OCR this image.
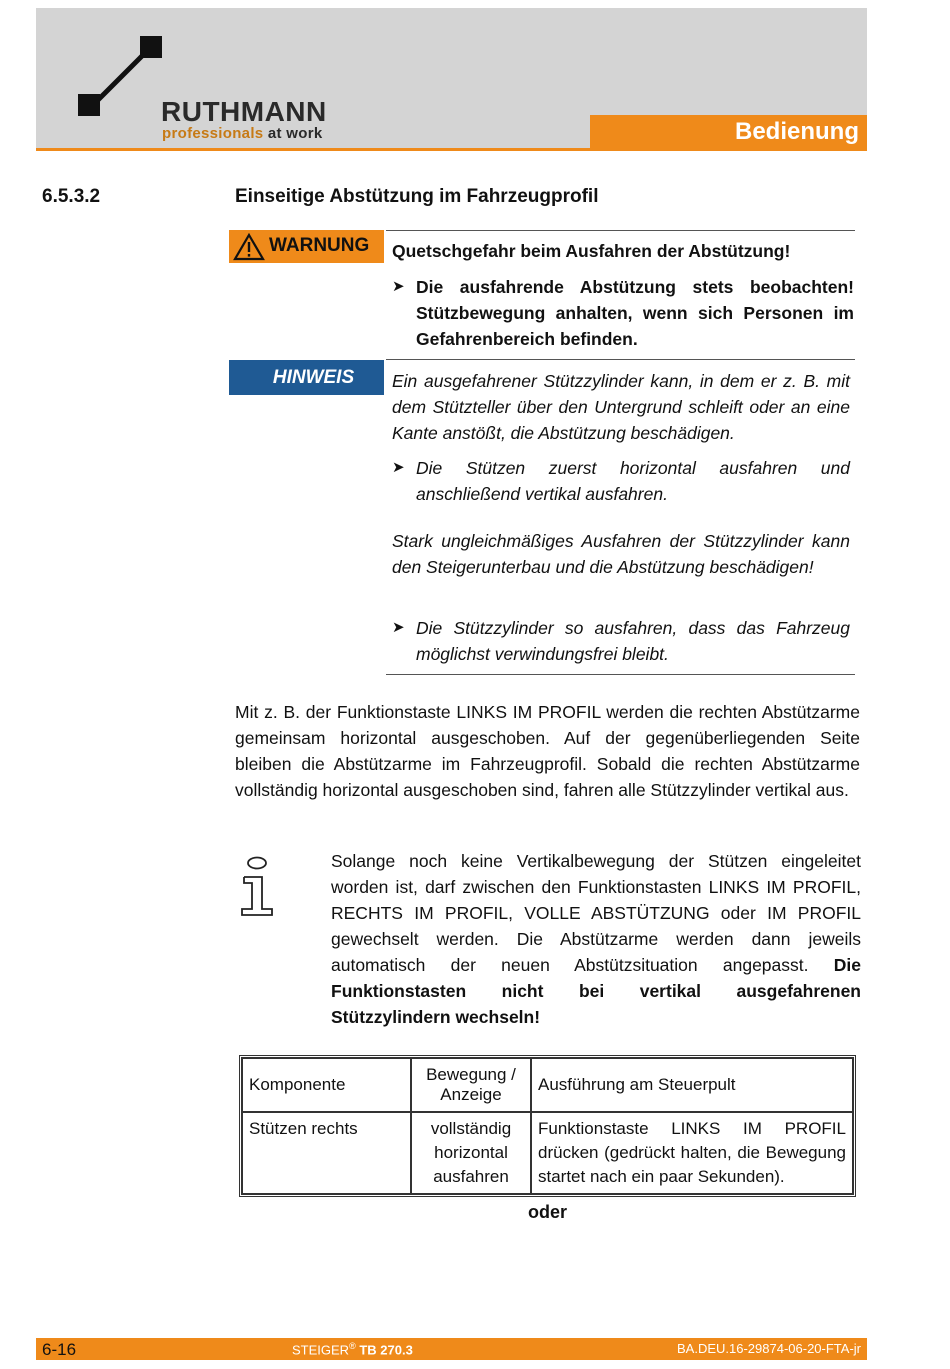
RUTHMANN
professionals at work	Bedienung
6.5.3.2	Einseitige Abstützung im Fahrzeugprofil
WARNUNG Quetschgefahr beim Ausfahren der Abstützung!
➤ Die ausfahrende Abstützung stets beobachten! Stützbewegung anhalten, wenn sich Personen im Gefahrenbereich befinden.
HINWEIS	Ein ausgefahrener Stützzylinder kann, in dem er z. B. mit dem Stützteller über den Untergrund schleift oder an eine Kante anstößt, die Abstützung beschädigen.
➤ Die Stützen zuerst horizontal ausfahren und anschließend vertikal ausfahren.
Stark ungleichmäßiges Ausfahren der Stützzylinder kann den Steigerunterbau und die Abstützung beschädigen!
➤ Die Stützzylinder so ausfahren, dass das Fahrzeug möglichst verwindungsfrei bleibt.
Mit z. B. der Funktionstaste LINKS IM PROFIL werden die rechten Abstützarme gemeinsam horizontal ausgeschoben. Auf der gegenüberliegenden Seite bleiben die Abstützarme im Fahrzeugprofil. Sobald die rechten Abstützarme vollständig horizontal ausgeschoben sind, fahren alle Stützzylinder vertikal aus.
Solange noch keine Vertikalbewegung der Stützen eingeleitet worden ist, darf zwischen den Funktionstasten LINKS IM PROFIL, RECHTS IM PROFIL, VOLLE ABSTÜTZUNG oder IM PROFIL gewechselt werden. Die Abstützarme werden dann jeweils automatisch der neuen Abstützsituation angepasst. Die Funktionstasten nicht bei vertikal ausgefahrenen Stützzylindern wechseln!
Komponente	Bewegung / Anzeige	Ausführung am Steuerpult
Stützen rechts	vollständig horizontal ausfahren	Funktionstaste LINKS IM PROFIL drücken (gedrückt halten, die Bewegung startet nach ein paar Sekunden).
oder
6-16	STEIGER® TB 270.3	BA.DEU.16-29874-06-20-FTA-jr
